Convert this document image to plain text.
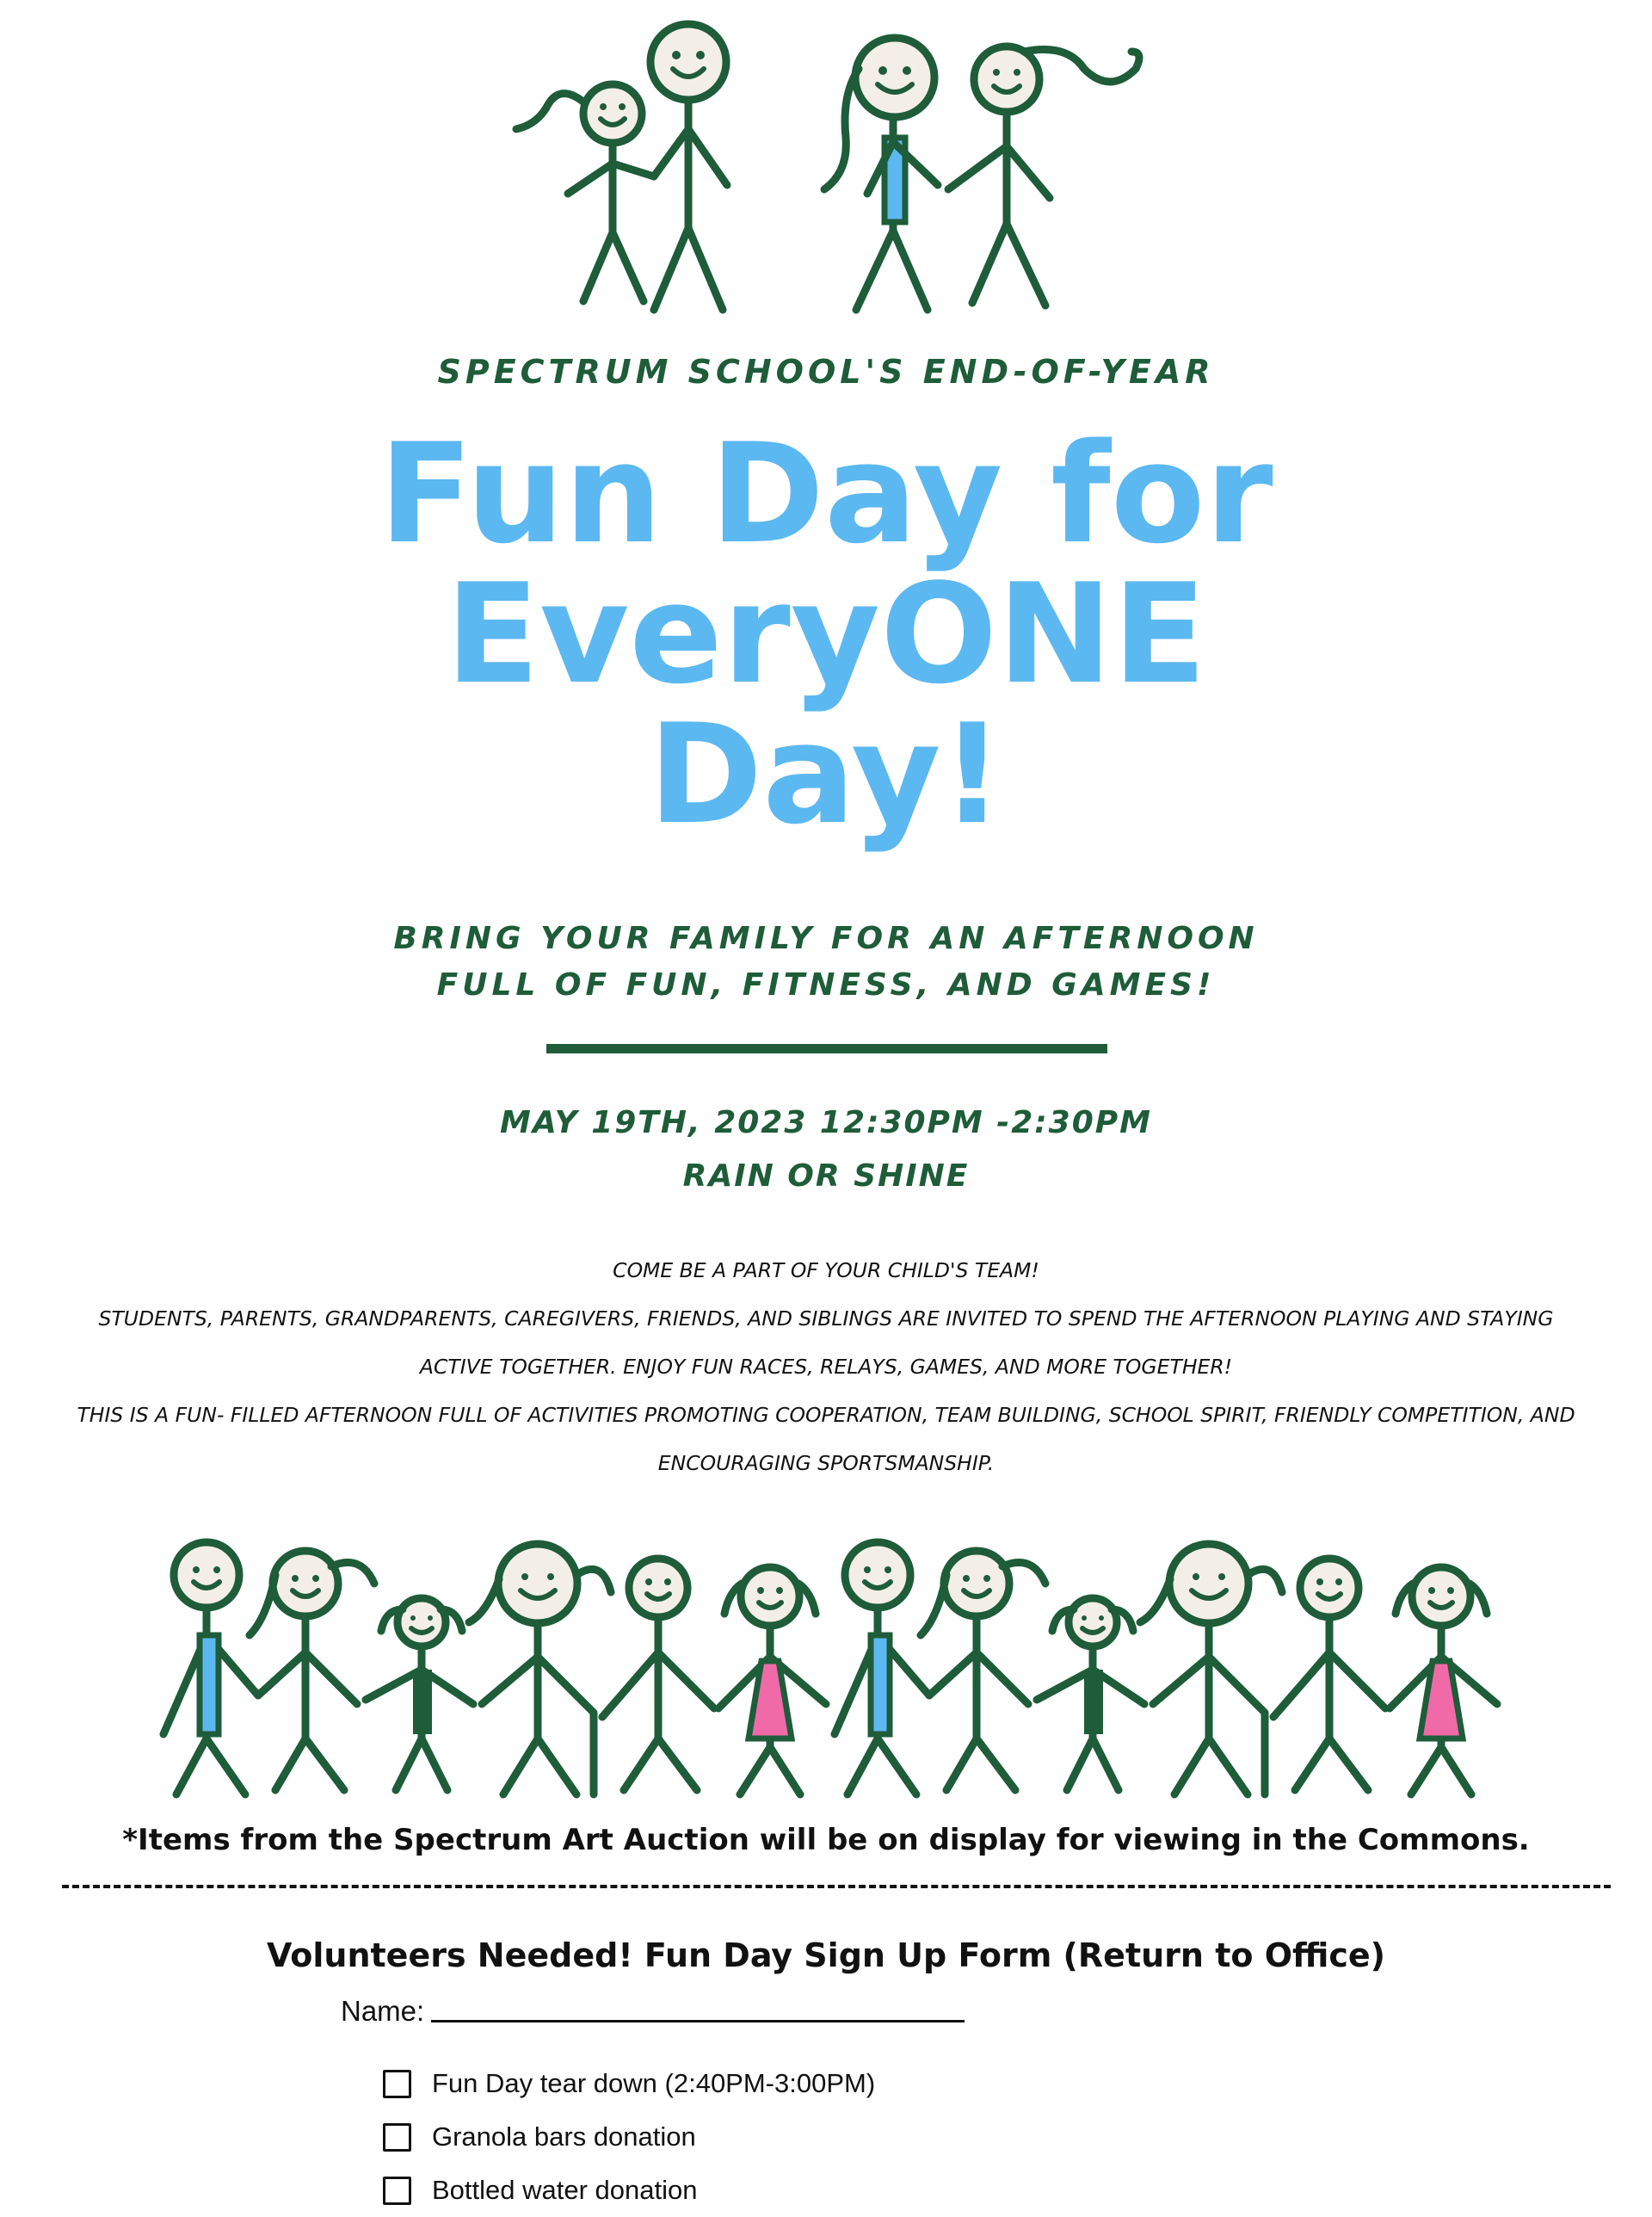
SPECTRUM SCHOOL'S END-OF-YEAR
Fun Day for
EveryONE
Day!
BRING YOUR FAMILY FOR AN AFTERNOON
FULL OF FUN, FITNESS, AND GAMES!
MAY 19TH, 2023 12:30PM -2:30PM
RAIN OR SHINE

COME BE A PART OF YOUR CHILD'S TEAM!

STUDENTS, PARENTS, GRANDPARENTS, CAREGIVERS, FRIENDS, AND SIBLINGS ARE INVITED TO SPEND THE AFTERNOON PLAYING AND STAYING ACTIVE TOGETHER. ENJOY FUN RACES, RELAYS, GAMES, AND MORE TOGETHER!

THIS IS A FUN- FILLED AFTERNOON FULL OF ACTIVITIES PROMOTING COOPERATION, TEAM BUILDING, SCHOOL SPIRIT, FRIENDLY COMPETITION, AND ENCOURAGING SPORTSMANSHIP.

*Items from the Spectrum Art Auction will be on display for viewing in the Commons.
Volunteers Needed! Fun Day Sign Up Form (Return to Office)
Name:
Fun Day tear down (2:40PM-3:00PM)
Granola bars donation
Bottled water donation
